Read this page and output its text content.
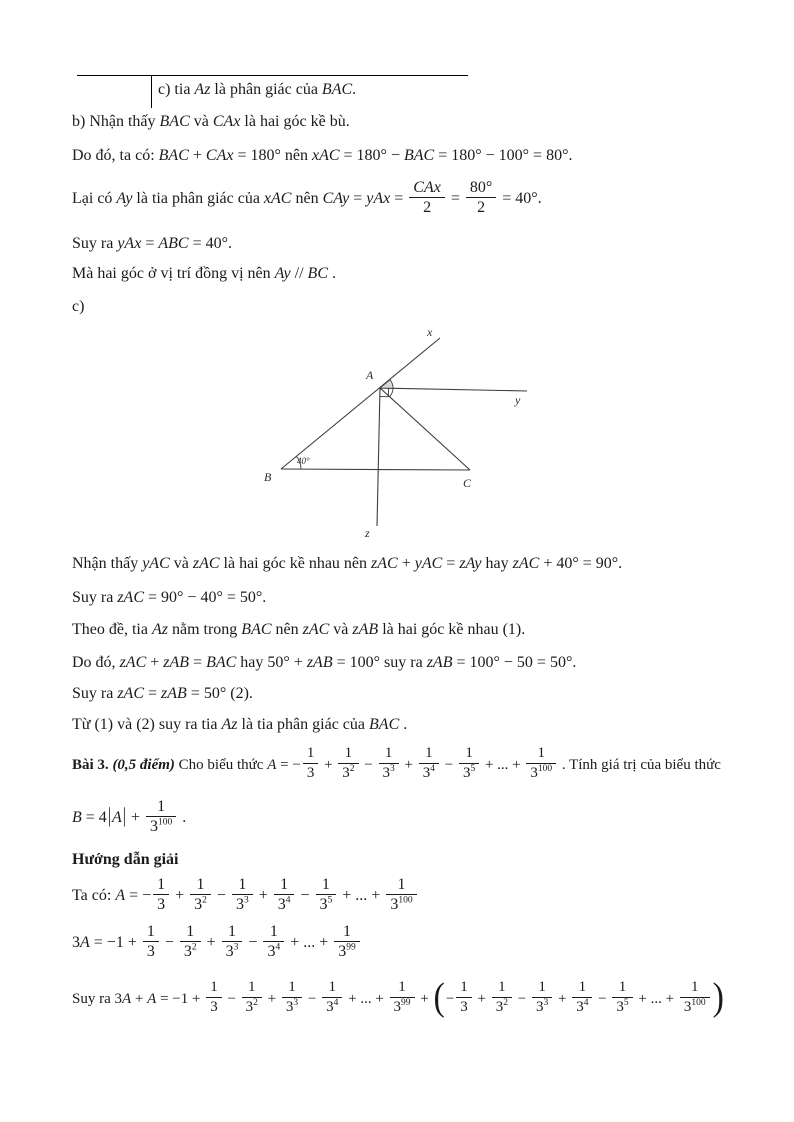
c) tia Az là phân giác của BAC.
b) Nhận thấy BAC và CAx là hai góc kề bù.
Do đó, ta có: BAC + CAx = 180° nên xAC = 180° − BAC = 180° − 100° = 80°.
Lại có Ay là tia phân giác của xAC nên CAy = yAx = $\frac{\text{CAx}}{2} = \frac{80^\circ}{2} = 40^\circ$.
Suy ra yAx = ABC = 40°.
Mà hai góc ở vị trí đồng vị nên Ay // BC .
c)
Nhận thấy yAC và zAC là hai góc kề nhau nên zAC + yAC = zAy hay zAC + 40° = 90°.
Suy ra zAC = 90° − 40° = 50°.
Theo đề, tia Az nằm trong BAC nên zAC và zAB là hai góc kề nhau (1).
Do đó, zAC + zAB = BAC hay 50° + zAB = 100° suy ra zAB = 100° − 50 = 50°.
Suy ra zAC = zAB = 50° (2).
Từ (1) và (2) suy ra tia Az là tia phân giác của BAC .
Bài 3. (0,5 điểm) Cho biểu thức A = − $\frac{1}{3} + \frac{1}{3^2} - \frac{1}{3^3} + \frac{1}{3^4} - \frac{1}{3^5}$ + ... + $\frac{1}{3^{100}}$ . Tính giá trị của biểu thức
$B = 4|A| + \frac{1}{3^{100}}$ .
Hướng dẫn giải
Ta có: A = − $\frac{1}{3} + \frac{1}{3^2} - \frac{1}{3^3} + \frac{1}{3^4} - \frac{1}{3^5}$ + ... + $\frac{1}{3^{100}}$
$3A = -1 + \frac{1}{3} - \frac{1}{3^2} + \frac{1}{3^3} - \frac{1}{3^4}$ + ... + $\frac{1}{3^{99}}$
Suy ra $3A + A = -1 + \frac{1}{3} - \frac{1}{3^2} + \frac{1}{3^3} - \frac{1}{3^4}$ + ... + $\frac{1}{3^{99}}$ + (− $\frac{1}{3} + \frac{1}{3^2} - \frac{1}{3^3} + \frac{1}{3^4} - \frac{1}{3^5}$ + ... + $\frac{1}{3^{100}}$ )
x
A
y
B
40°
C
z
